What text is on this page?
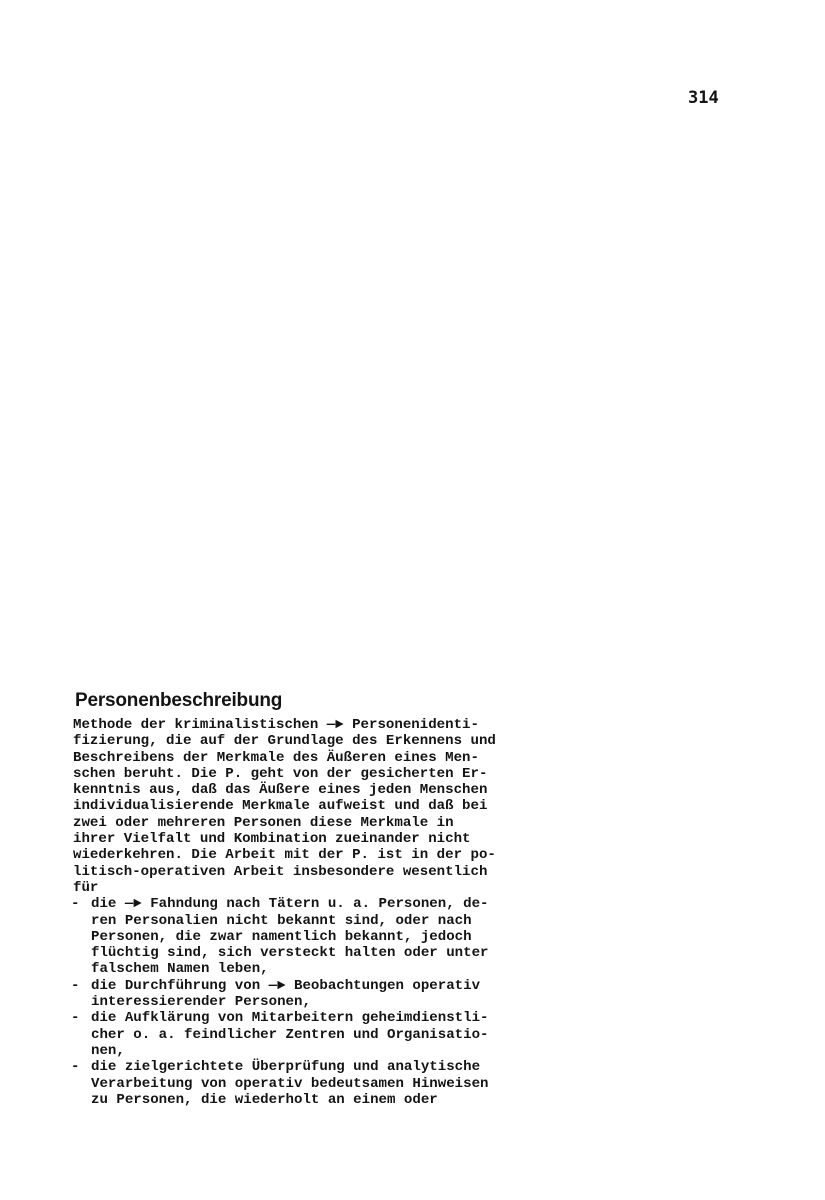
314
Personenbeschreibung
Methode der kriminalistischen —► Personenidenti-
fizierung, die auf der Grundlage des Erkennens und
Beschreibens der Merkmale des Äußeren eines Men-
schen beruht. Die P. geht von der gesicherten Er-
kenntnis aus, daß das Äußere eines jeden Menschen
individualisierende Merkmale aufweist und daß bei
zwei oder mehreren Personen diese Merkmale in
ihrer Vielfalt und Kombination zueinander nicht
wiederkehren. Die Arbeit mit der P. ist in der po-
litisch-operativen Arbeit insbesondere wesentlich
für
- die —► Fahndung nach Tätern u. a. Personen, de-
ren Personalien nicht bekannt sind, oder nach
Personen, die zwar namentlich bekannt, jedoch
flüchtig sind, sich versteckt halten oder unter
falschem Namen leben,
- die Durchführung von —► Beobachtungen operativ
interessierender Personen,
- die Aufklärung von Mitarbeitern geheimdienstli-
cher o. a. feindlicher Zentren und Organisatio-
nen,
- die zielgerichtete Überprüfung und analytische
Verarbeitung von operativ bedeutsamen Hinweisen
zu Personen, die wiederholt an einem oder
